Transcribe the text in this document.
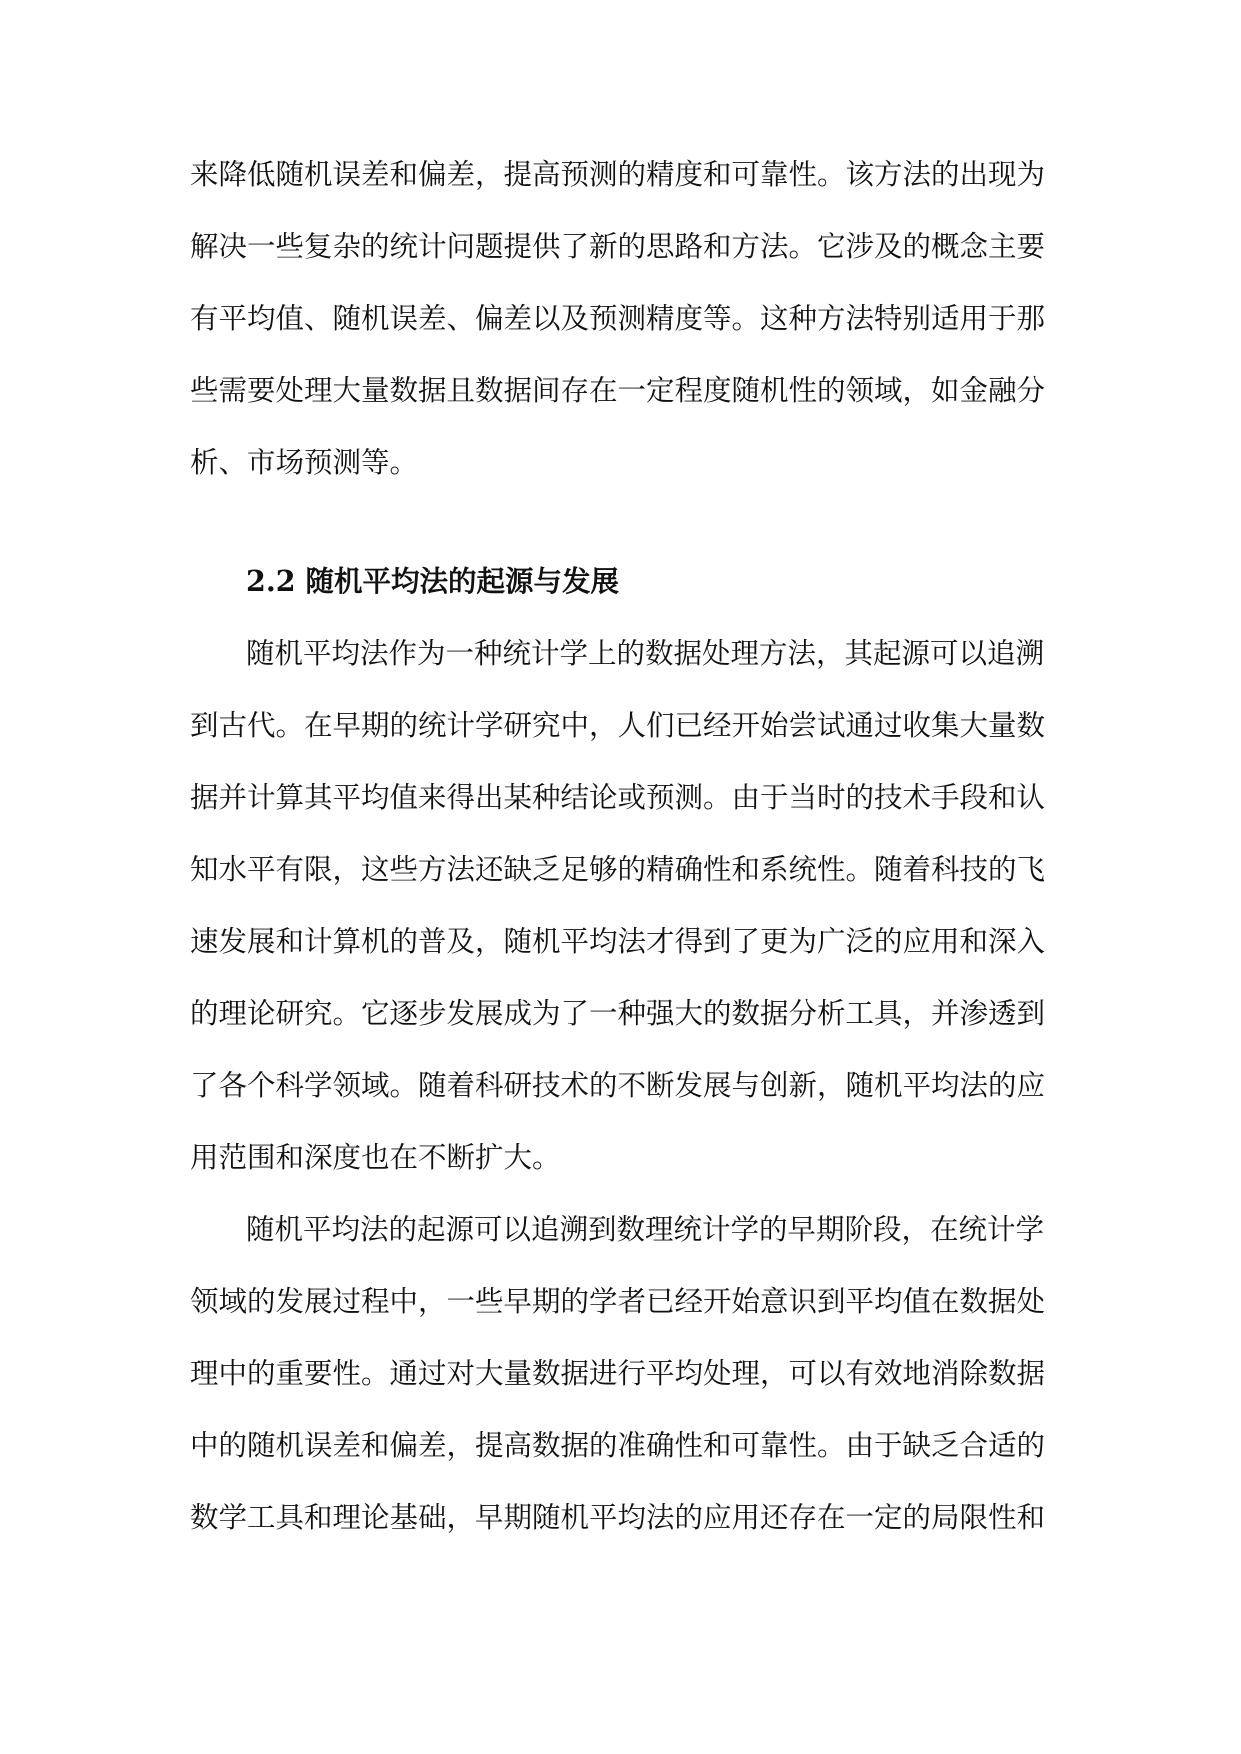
来降低随机误差和偏差，提高预测的精度和可靠性。该方法的出现为
解决一些复杂的统计问题提供了新的思路和方法。它涉及的概念主要
有平均值、随机误差、偏差以及预测精度等。这种方法特别适用于那
些需要处理大量数据且数据间存在一定程度随机性的领域，如金融分
析、市场预测等。
2.2 随机平均法的起源与发展
随机平均法作为一种统计学上的数据处理方法，其起源可以追溯
到古代。在早期的统计学研究中，人们已经开始尝试通过收集大量数
据并计算其平均值来得出某种结论或预测。由于当时的技术手段和认
知水平有限，这些方法还缺乏足够的精确性和系统性。随着科技的飞
速发展和计算机的普及，随机平均法才得到了更为广泛的应用和深入
的理论研究。它逐步发展成为了一种强大的数据分析工具，并渗透到
了各个科学领域。随着科研技术的不断发展与创新，随机平均法的应
用范围和深度也在不断扩大。
随机平均法的起源可以追溯到数理统计学的早期阶段，在统计学
领域的发展过程中，一些早期的学者已经开始意识到平均值在数据处
理中的重要性。通过对大量数据进行平均处理，可以有效地消除数据
中的随机误差和偏差，提高数据的准确性和可靠性。由于缺乏合适的
数学工具和理论基础，早期随机平均法的应用还存在一定的局限性和
